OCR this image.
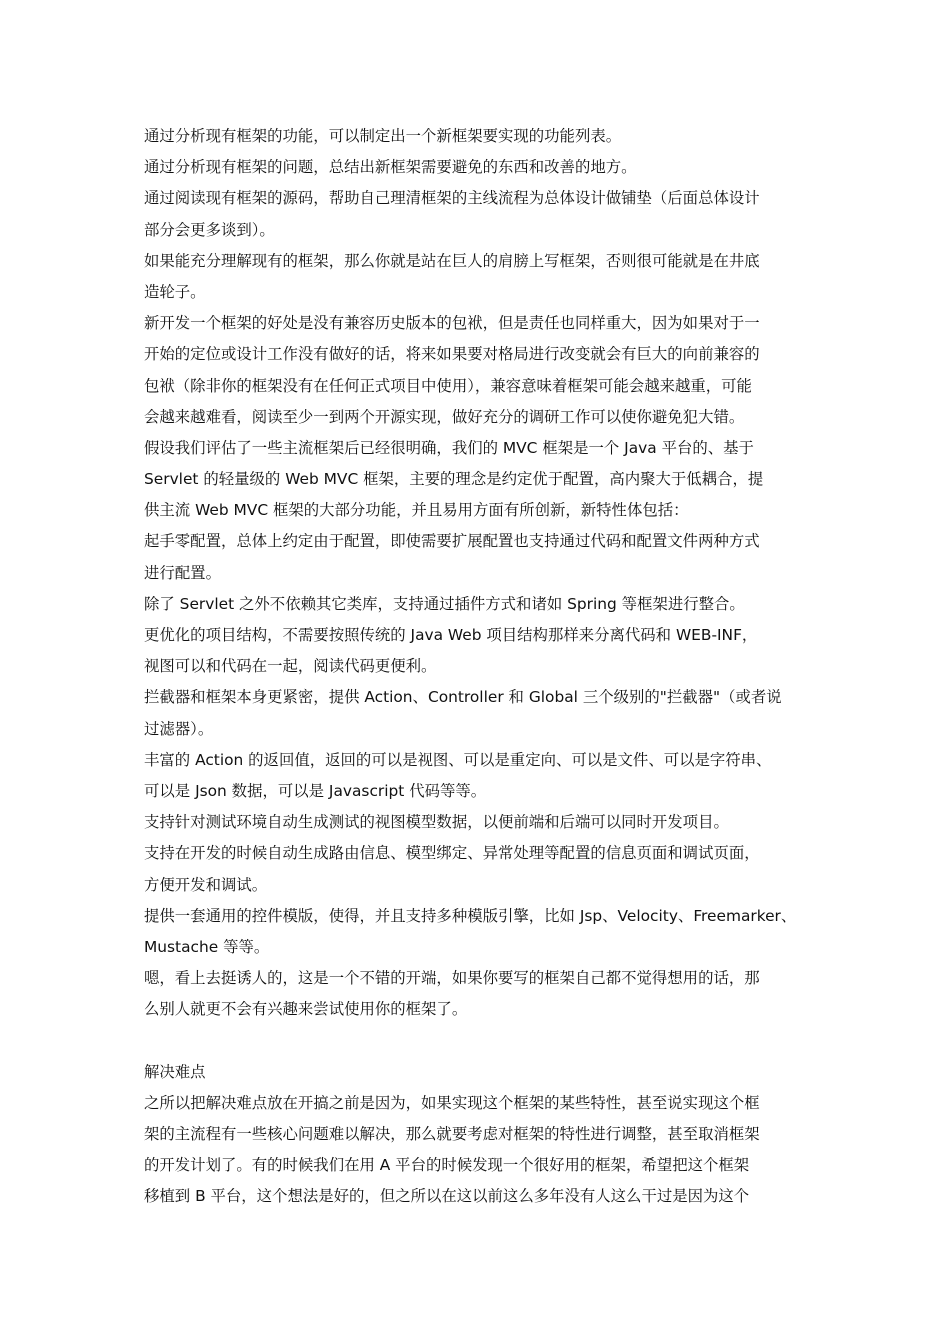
通过分析现有框架的功能，可以制定出一个新框架要实现的功能列表。
通过分析现有框架的问题，总结出新框架需要避免的东西和改善的地方。
通过阅读现有框架的源码，帮助自己理清框架的主线流程为总体设计做铺垫（后面总体设计
部分会更多谈到）。
如果能充分理解现有的框架，那么你就是站在巨人的肩膀上写框架，否则很可能就是在井底
造轮子。
新开发一个框架的好处是没有兼容历史版本的包袱，但是责任也同样重大，因为如果对于一
开始的定位或设计工作没有做好的话，将来如果要对格局进行改变就会有巨大的向前兼容的
包袱（除非你的框架没有在任何正式项目中使用），兼容意味着框架可能会越来越重，可能
会越来越难看，阅读至少一到两个开源实现，做好充分的调研工作可以使你避免犯大错。
假设我们评估了一些主流框架后已经很明确，我们的 MVC 框架是一个 Java 平台的、基于
Servlet 的轻量级的 Web MVC 框架，主要的理念是约定优于配置，高内聚大于低耦合，提
供主流 Web MVC 框架的大部分功能，并且易用方面有所创新，新特性体包括：
起手零配置，总体上约定由于配置，即使需要扩展配置也支持通过代码和配置文件两种方式
进行配置。
除了 Servlet 之外不依赖其它类库，支持通过插件方式和诸如 Spring 等框架进行整合。
更优化的项目结构，不需要按照传统的 Java Web 项目结构那样来分离代码和 WEB-INF，
视图可以和代码在一起，阅读代码更便利。
拦截器和框架本身更紧密，提供 Action、Controller 和 Global 三个级别的"拦截器"（或者说
过滤器）。
丰富的 Action 的返回值，返回的可以是视图、可以是重定向、可以是文件、可以是字符串、
可以是 Json 数据，可以是 Javascript 代码等等。
支持针对测试环境自动生成测试的视图模型数据，以便前端和后端可以同时开发项目。
支持在开发的时候自动生成路由信息、模型绑定、异常处理等配置的信息页面和调试页面，
方便开发和调试。
提供一套通用的控件模版，使得，并且支持多种模版引擎，比如 Jsp、Velocity、Freemarker、
Mustache 等等。
嗯，看上去挺诱人的，这是一个不错的开端，如果你要写的框架自己都不觉得想用的话，那
么别人就更不会有兴趣来尝试使用你的框架了。
解决难点
之所以把解决难点放在开搞之前是因为，如果实现这个框架的某些特性，甚至说实现这个框
架的主流程有一些核心问题难以解决，那么就要考虑对框架的特性进行调整，甚至取消框架
的开发计划了。有的时候我们在用 A 平台的时候发现一个很好用的框架，希望把这个框架
移植到 B 平台，这个想法是好的，但之所以在这以前这么多年没有人这么干过是因为这个
